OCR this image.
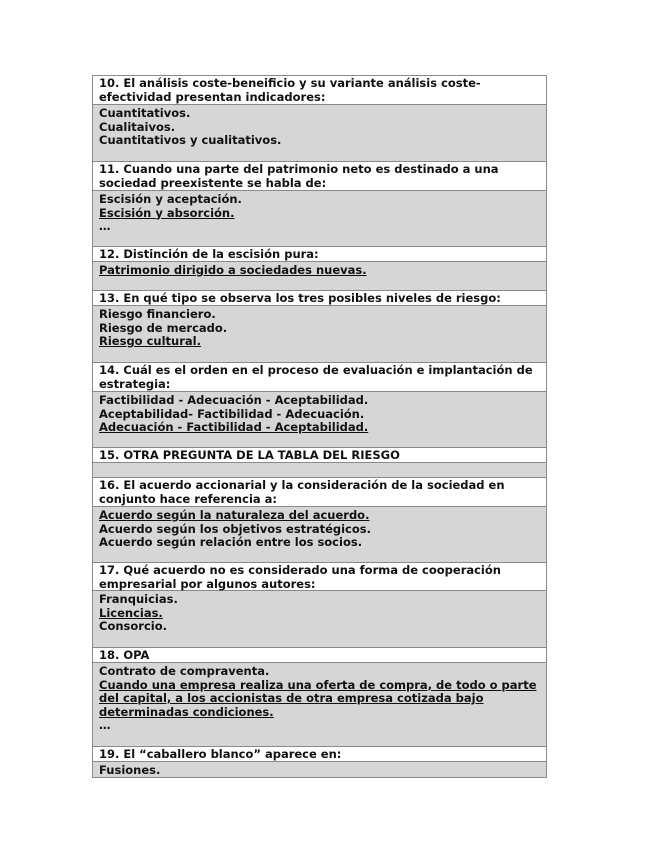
10. El análisis coste-beneificio y su variante análisis coste-efectividad presentan indicadores:
Cuantitativos.
Cualitaivos.
Cuantitativos y cualitativos.
11. Cuando una parte del patrimonio neto es destinado a una sociedad preexistente se habla de:
Escisión y aceptación.
Escisión y absorción.
…
12. Distinción de la escisión pura:
Patrimonio dirigido a sociedades nuevas.
13. En qué tipo se observa los tres posibles niveles de riesgo:
Riesgo financiero.
Riesgo de mercado.
Riesgo cultural.
14. Cuál es el orden en el proceso de evaluación e implantación de estrategia:
Factibilidad - Adecuación - Aceptabilidad.
Aceptabilidad- Factibilidad - Adecuación.
Adecuación - Factibilidad - Aceptabilidad.
15. OTRA PREGUNTA DE LA TABLA DEL RIESGO
16. El acuerdo accionarial y la consideración de la sociedad en conjunto hace referencia a:
Acuerdo según la naturaleza del acuerdo.
Acuerdo según los objetivos estratégicos.
Acuerdo según relación entre los socios.
17. Qué acuerdo no es considerado una forma de cooperación empresarial por algunos autores:
Franquicias.
Licencias.
Consorcio.
18. OPA
Contrato de compraventa.
Cuando una empresa realiza una oferta de compra, de todo o parte del capital, a los accionistas de otra empresa cotizada bajo determinadas condiciones.
…
19. El “caballero blanco” aparece en:
Fusiones.
